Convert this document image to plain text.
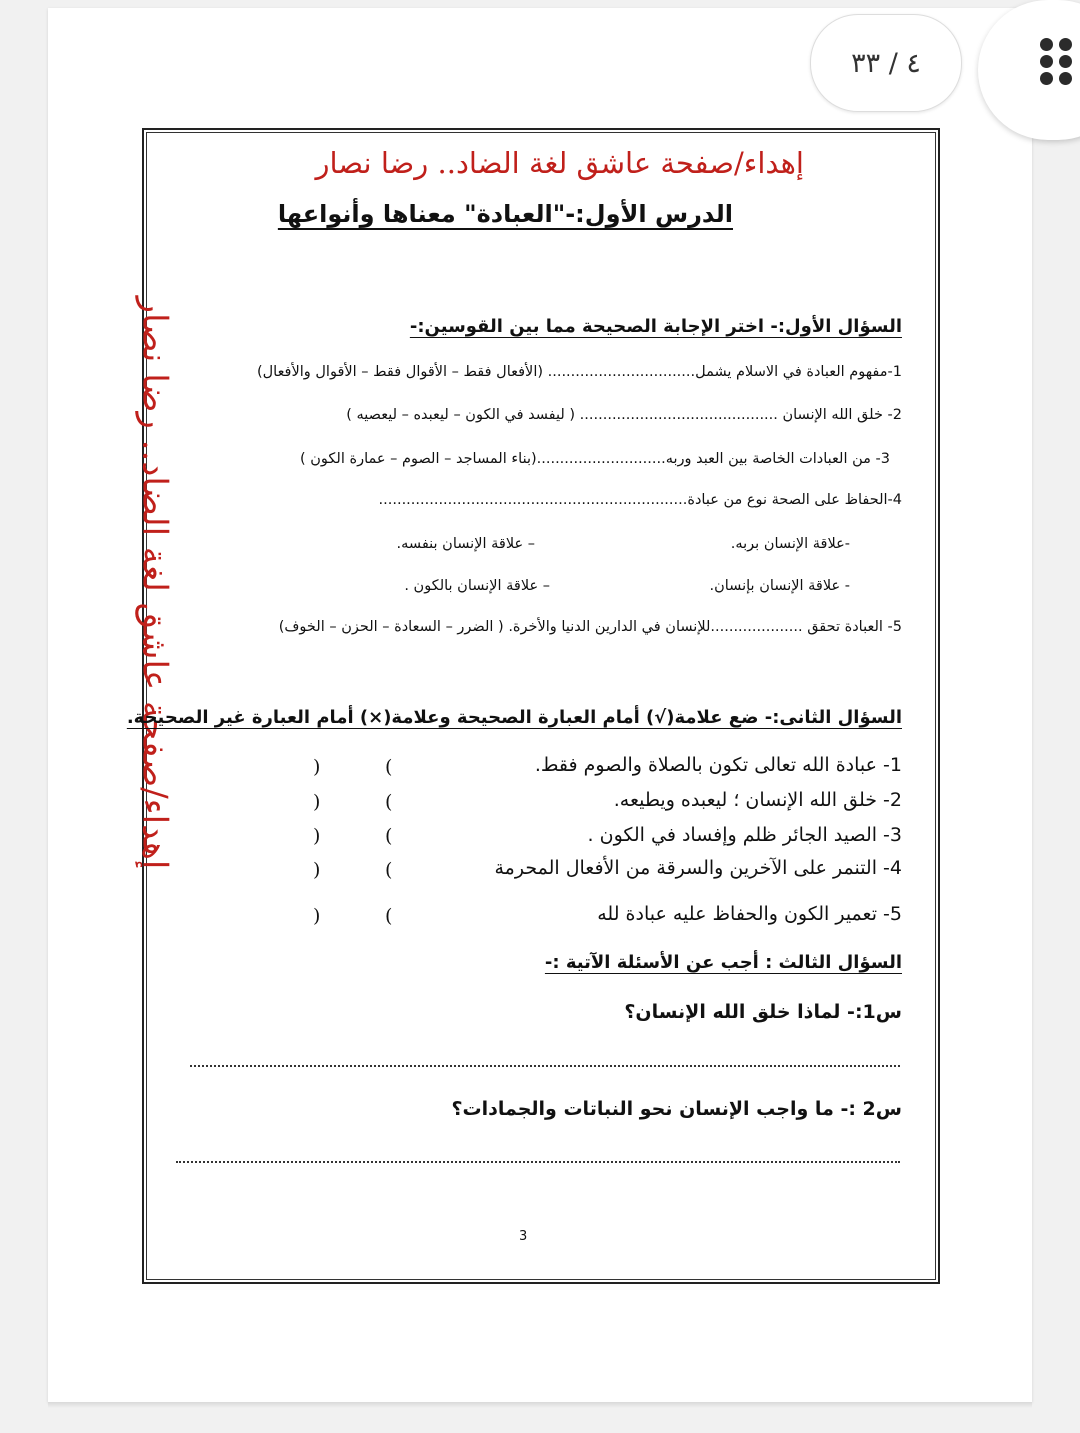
٤ / ٣٣
إهداء/صفحة عاشق لغة الضاد.. رضا نصار
الدرس الأول:-"العبادة" معناها وأنواعها
إهداء/صفحة عاشق لغة الضاد.. رضا نصار	السؤال الأول:- اختر الإجابة الصحيحة مما بين القوسين:-
1-مفهوم العبادة في الاسلام يشمل................................ (الأفعال فقط – الأقوال فقط – الأقوال والأفعال)
2- خلق الله الإنسان ........................................... ( ليفسد في الكون – ليعبده – ليعصيه )
3- من العبادات الخاصة بين العبد وربه............................(بناء المساجد – الصوم – عمارة الكون )
4-الحفاظ على الصحة نوع من عبادة...................................................................
-علاقة الإنسان بربه.
– علاقة الإنسان بنفسه.
- علاقة الإنسان بإنسان.
– علاقة الإنسان بالكون .
5- العبادة تحقق ....................للإنسان في الدارين الدنيا والأخرة. ( الضرر – السعادة – الحزن – الخوف)
السؤال الثانى:- ضع علامة(√) أمام العبارة الصحيحة وعلامة(×) أمام العبارة غير الصحيحة.
1- عبادة الله تعالى تكون بالصلاة والصوم فقط.
2- خلق الله الإنسان ؛ ليعبده ويطيعه.
3- الصيد الجائر ظلم وإفساد في الكون .
4- التنمر على الآخرين والسرقة من الأفعال المحرمة
5- تعمير الكون والحفاظ عليه عبادة لله
(
)
(
)
(
)
(
)
(
)
السؤال الثالث : أجب عن الأسئلة الآتية :-
س1:- لماذا خلق الله الإنسان؟
س2 :- ما واجب الإنسان نحو النباتات والجمادات؟
3
